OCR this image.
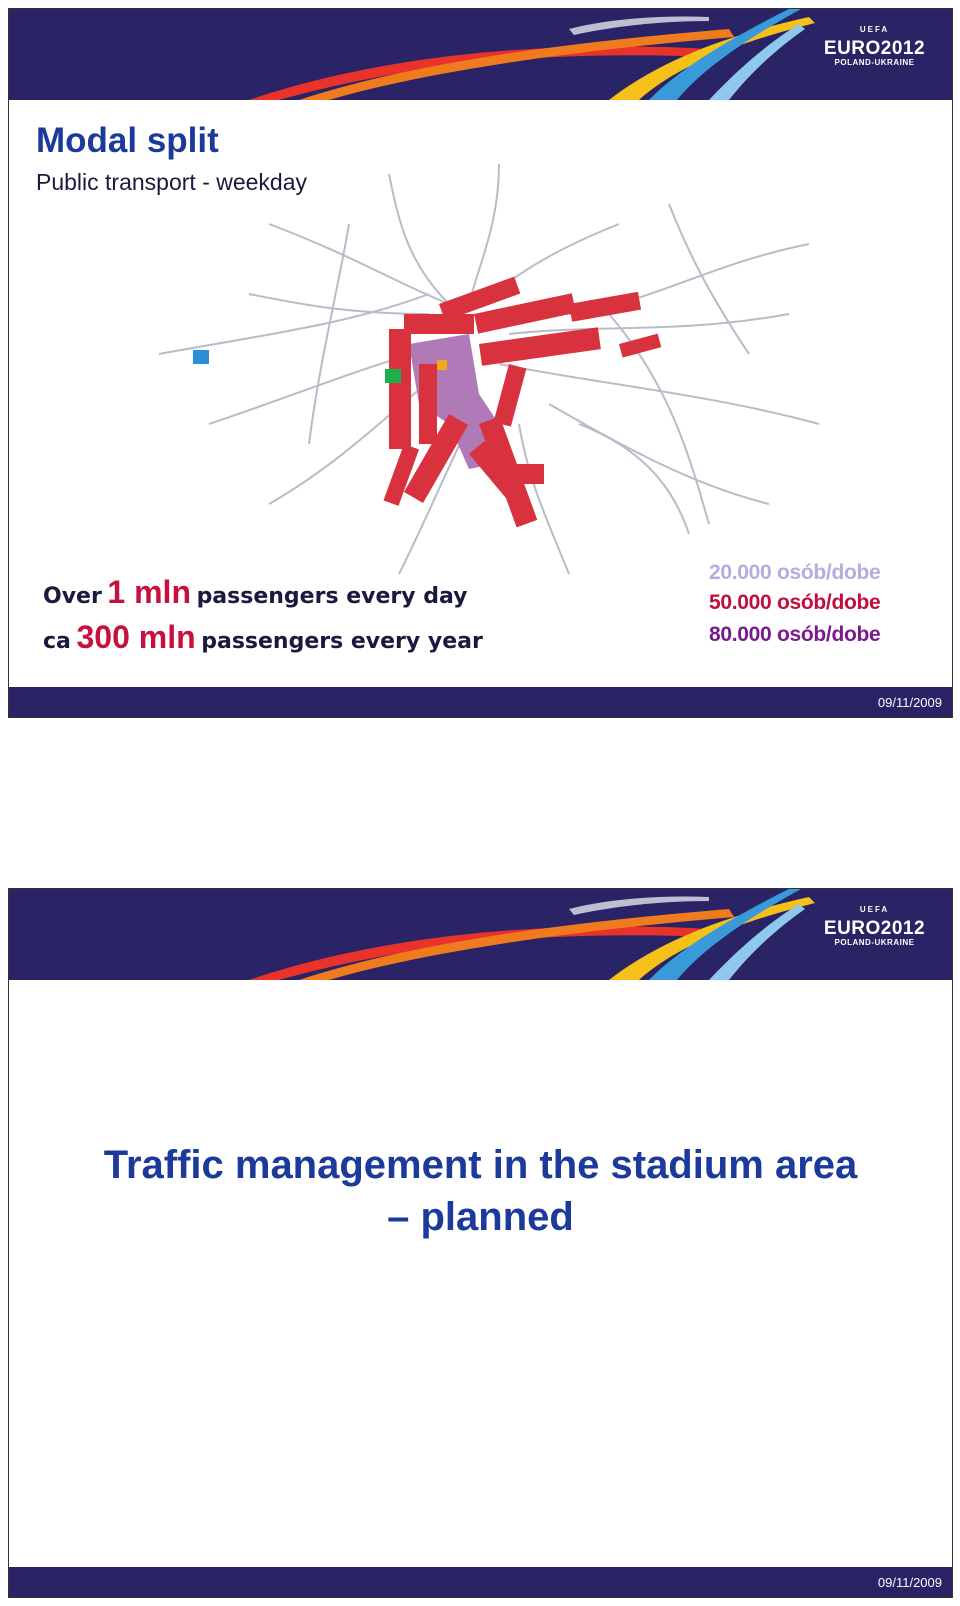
UEFA
EURO2012
POLAND-UKRAINE
Modal split
Public transport - weekday
Over 1 mln passengers every day
ca 300 mln passengers every year
20.000 osób/dobe
50.000 osób/dobe
80.000 osób/dobe
09/11/2009
UEFA
EURO2012
POLAND-UKRAINE
Traffic management in the stadium area
– planned
09/11/2009
